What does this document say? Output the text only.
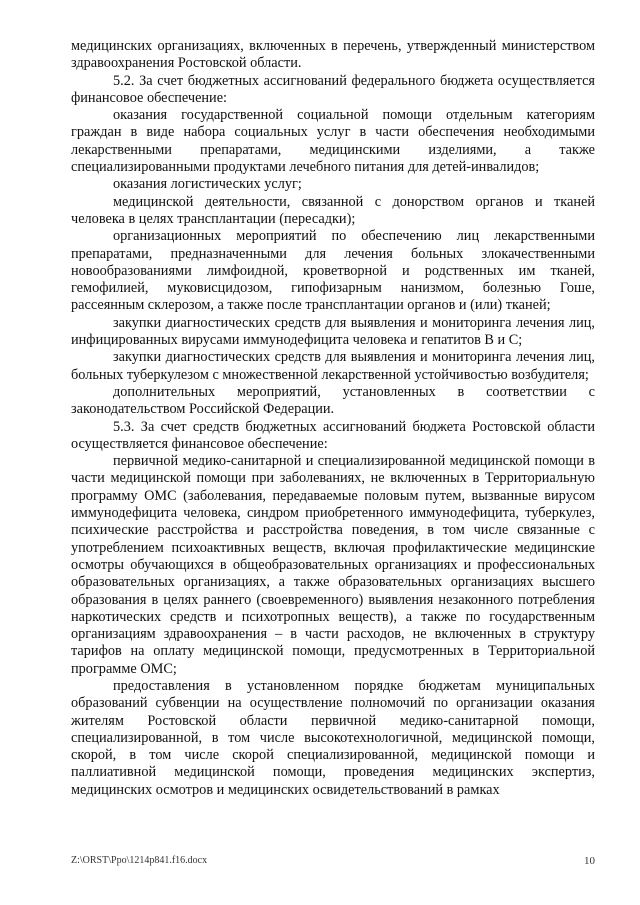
медицинских организациях, включенных в перечень, утвержденный министерством здравоохранения Ростовской области.

5.2. За счет бюджетных ассигнований федерального бюджета осуществляется финансовое обеспечение:

оказания государственной социальной помощи отдельным категориям граждан в виде набора социальных услуг в части обеспечения необходимыми лекарственными препаратами, медицинскими изделиями, а также специализированными продуктами лечебного питания для детей-инвалидов;

оказания логистических услуг;

медицинской деятельности, связанной с донорством органов и тканей человека в целях трансплантации (пересадки);

организационных мероприятий по обеспечению лиц лекарственными препаратами, предназначенными для лечения больных злокачественными новообразованиями лимфоидной, кроветворной и родственных им тканей, гемофилией, муковисцидозом, гипофизарным нанизмом, болезнью Гоше, рассеянным склерозом, а также после трансплантации органов и (или) тканей;

закупки диагностических средств для выявления и мониторинга лечения лиц, инфицированных вирусами иммунодефицита человека и гепатитов B и C;

закупки диагностических средств для выявления и мониторинга лечения лиц, больных туберкулезом с множественной лекарственной устойчивостью возбудителя;

дополнительных мероприятий, установленных в соответствии с законодательством Российской Федерации.

5.3. За счет средств бюджетных ассигнований бюджета Ростовской области осуществляется финансовое обеспечение:

первичной медико-санитарной и специализированной медицинской помощи в части медицинской помощи при заболеваниях, не включенных в Территориальную программу ОМС (заболевания, передаваемые половым путем, вызванные вирусом иммунодефицита человека, синдром приобретенного иммунодефицита, туберкулез, психические расстройства и расстройства поведения, в том числе связанные с употреблением психоактивных веществ, включая профилактические медицинские осмотры обучающихся в общеобразовательных организациях и профессиональных образовательных организациях, а также образовательных организациях высшего образования в целях раннего (своевременного) выявления незаконного потребления наркотических средств и психотропных веществ), а также по государственным организациям здравоохранения – в части расходов, не включенных в структуру тарифов на оплату медицинской помощи, предусмотренных в Территориальной программе ОМС;

предоставления в установленном порядке бюджетам муниципальных образований субвенции на осуществление полномочий по организации оказания жителям Ростовской области первичной медико-санитарной помощи, специализированной, в том числе высокотехнологичной, медицинской помощи, скорой, в том числе скорой специализированной, медицинской помощи и паллиативной медицинской помощи, проведения медицинских экспертиз, медицинских осмотров и медицинских освидетельствований в рамках

Z:\ORST\Ppo\1214p841.f16.docx	10
